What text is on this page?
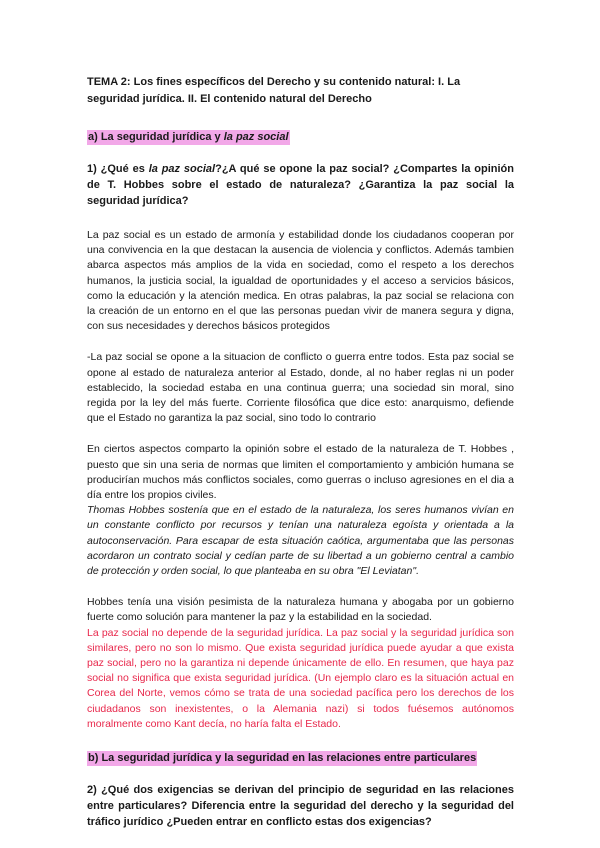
TEMA 2: Los fines específicos del Derecho y su contenido natural: I. La seguridad jurídica. II. El contenido natural del Derecho

a) La seguridad jurídica y la paz social

1) ¿Qué es la paz social?¿A qué se opone la paz social? ¿Compartes la opinión de T. Hobbes sobre el estado de naturaleza? ¿Garantiza la paz social la seguridad jurídica?

La paz social es un estado de armonía y estabilidad donde los ciudadanos cooperan por una convivencia en la que destacan la ausencia de violencia y conflictos. Además tambien abarca aspectos más amplios de la vida en sociedad, como el respeto a los derechos humanos, la justicia social, la igualdad de oportunidades y el acceso a servicios básicos, como la educación y la atención medica. En otras palabras, la paz social se relaciona con la creación de un entorno en el que las personas puedan vivir de manera segura y digna, con sus necesidades y derechos básicos protegidos

-La paz social se opone a la situacion de conflicto o guerra entre todos. Esta paz social se opone al estado de naturaleza anterior al Estado, donde, al no haber reglas ni un poder establecido, la sociedad estaba en una continua guerra; una sociedad sin moral, sino regida por la ley del más fuerte. Corriente filosófica que dice esto: anarquismo, defiende que el Estado no garantiza la paz social, sino todo lo contrario

En ciertos aspectos comparto la opinión sobre el estado de la naturaleza de T. Hobbes , puesto que sin una seria de normas que limiten el comportamiento y ambición humana se producirían muchos más conflictos sociales, como guerras o incluso agresiones en el dia a día entre los propios civiles.

Thomas Hobbes sostenía que en el estado de la naturaleza, los seres humanos vivían en un constante conflicto por recursos y tenían una naturaleza egoísta y orientada a la autoconservación. Para escapar de esta situación caótica, argumentaba que las personas acordaron un contrato social y cedían parte de su libertad a un gobierno central a cambio de protección y orden social, lo que planteaba en su obra "El Leviatan".

Hobbes tenía una visión pesimista de la naturaleza humana y abogaba por un gobierno fuerte como solución para mantener la paz y la estabilidad en la sociedad.

La paz social no depende de la seguridad jurídica. La paz social y la seguridad jurídica son similares, pero no son lo mismo. Que exista seguridad jurídica puede ayudar a que exista paz social, pero no la garantiza ni depende únicamente de ello. En resumen, que haya paz social no significa que exista seguridad jurídica. (Un ejemplo claro es la situación actual en Corea del Norte, vemos cómo se trata de una sociedad pacífica pero los derechos de los ciudadanos son inexistentes, o la Alemania nazi) si todos fuésemos autónomos moralmente como Kant decía, no haría falta el Estado.

b) La seguridad jurídica y la seguridad en las relaciones entre particulares

2) ¿Qué dos exigencias se derivan del principio de seguridad en las relaciones entre particulares? Diferencia entre la seguridad del derecho y la seguridad del tráfico jurídico ¿Pueden entrar en conflicto estas dos exigencias?
